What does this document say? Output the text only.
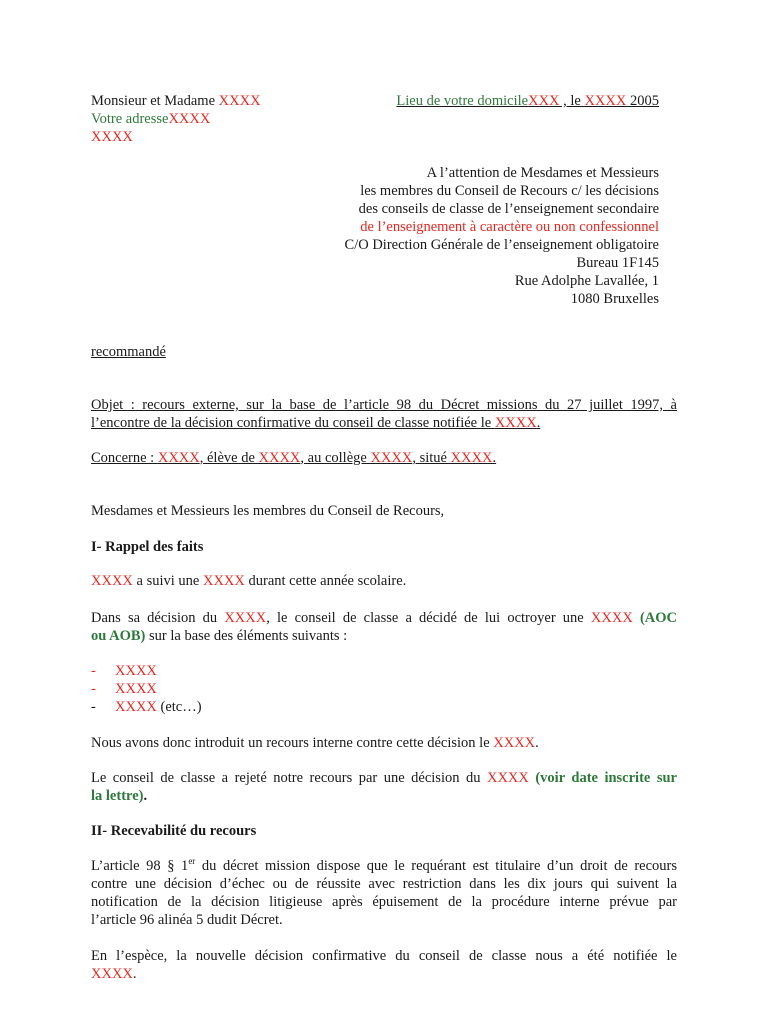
Monsieur et Madame XXXX
Votre adresseXXXX
XXXX
Lieu de votre domicileXXX , le XXXX 2005
A l’attention de Mesdames et Messieurs
les membres du Conseil de Recours c/ les décisions
des conseils de classe de l’enseignement secondaire
de l’enseignement à caractère ou non confessionnel
C/O Direction Générale de l’enseignement obligatoire
Bureau 1F145
Rue Adolphe Lavallée, 1
1080 Bruxelles
recommandé
Objet : recours externe, sur la base de l’article 98 du Décret missions du 27 juillet 1997, à
l’encontre de la décision confirmative du conseil de classe notifiée le XXXX.
Concerne : XXXX, élève de XXXX, au collège XXXX, situé XXXX.
Mesdames et Messieurs les membres du Conseil de Recours,
I- Rappel des faits
XXXX a suivi une XXXX durant cette année scolaire.
Dans sa décision du XXXX, le conseil de classe a décidé de lui octroyer une XXXX (AOC
ou AOB) sur la base des éléments suivants :
- XXXX
- XXXX
- XXXX (etc…)
Nous avons donc introduit un recours interne contre cette décision le XXXX.
Le conseil de classe a rejeté notre recours par une décision du XXXX (voir date inscrite sur
la lettre).
II- Recevabilité du recours
L’article 98 § 1er du décret mission dispose que le requérant est titulaire d’un droit de recours
contre une décision d’échec ou de réussite avec restriction dans les dix jours qui suivent la
notification de la décision litigieuse après épuisement de la procédure interne prévue par
l’article 96 alinéa 5 dudit Décret.
En l’espèce, la nouvelle décision confirmative du conseil de classe nous a été notifiée le
XXXX.
